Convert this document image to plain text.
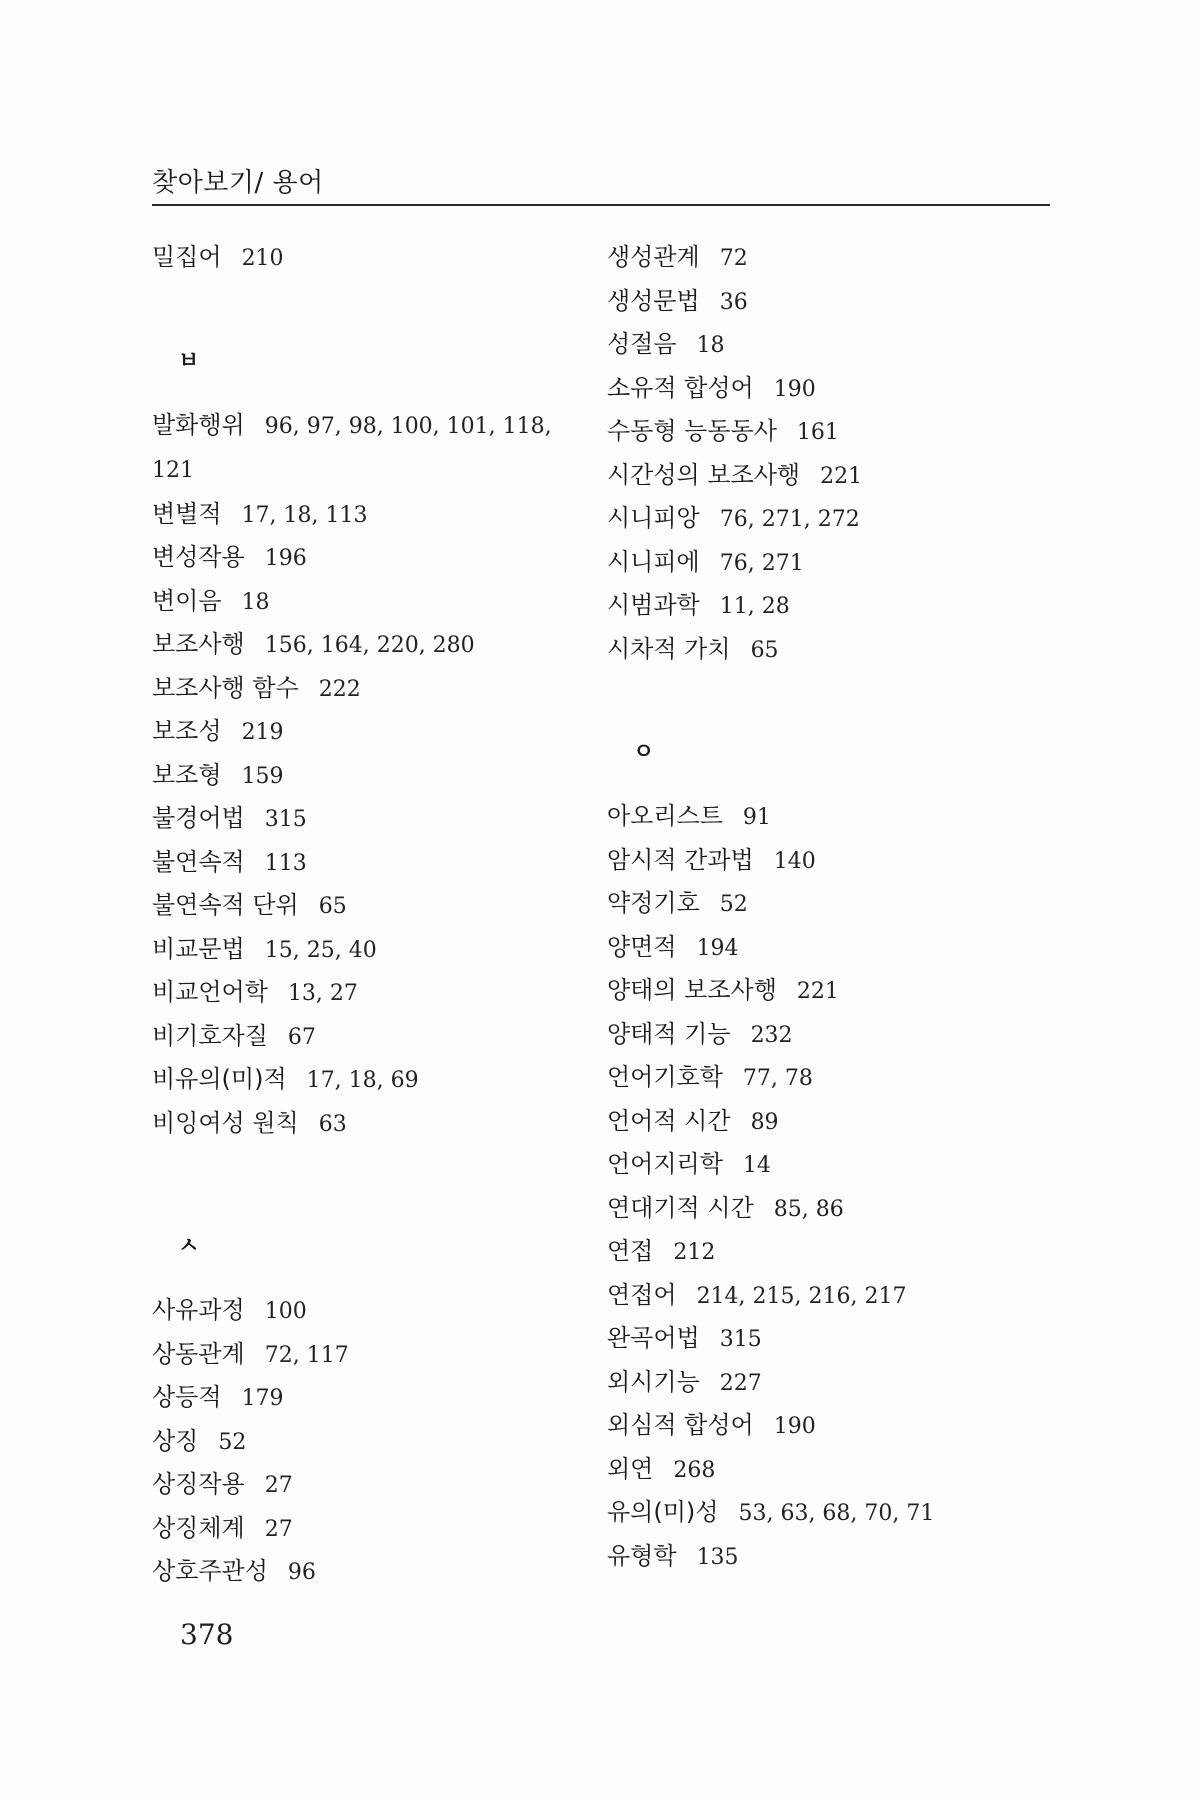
찾아보기/ 용어
밀집어 210
ㅂ
발화행위 96, 97, 98, 100, 101, 118, 121
변별적 17, 18, 113
변성작용 196
변이음 18
보조사행 156, 164, 220, 280
보조사행 함수 222
보조성 219
보조형 159
불경어법 315
불연속적 113
불연속적 단위 65
비교문법 15, 25, 40
비교언어학 13, 27
비기호자질 67
비유의(미)적 17, 18, 69
비잉여성 원칙 63
ㅅ
사유과정 100
상동관계 72, 117
상등적 179
상징 52
상징작용 27
상징체계 27
상호주관성 96
생성관계 72
생성문법 36
성절음 18
소유적 합성어 190
수동형 능동동사 161
시간성의 보조사행 221
시니피앙 76, 271, 272
시니피에 76, 271
시범과학 11, 28
시차적 가치 65
ㅇ
아오리스트 91
암시적 간과법 140
약정기호 52
양면적 194
양태의 보조사행 221
양태적 기능 232
언어기호학 77, 78
언어적 시간 89
언어지리학 14
연대기적 시간 85, 86
연접 212
연접어 214, 215, 216, 217
완곡어법 315
외시기능 227
외심적 합성어 190
외연 268
유의(미)성 53, 63, 68, 70, 71
유형학 135
378
